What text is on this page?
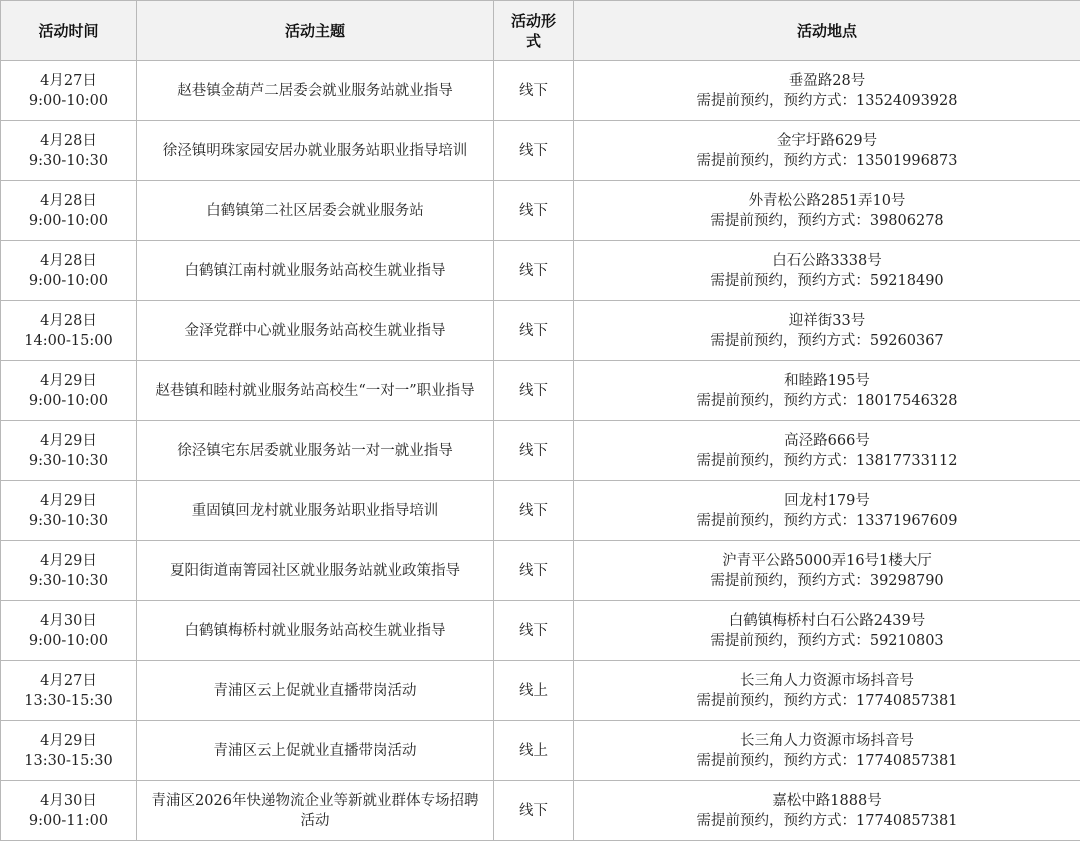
活动时间	活动主题	活动形式	活动地点

4月27日
9:00-10:00	赵巷镇金葫芦二居委会就业服务站就业指导	线下	垂盈路28号
需提前预约，预约方式：13524093928

4月28日
9:30-10:30	徐泾镇明珠家园安居办就业服务站职业指导培训	线下	金宇圩路629号
需提前预约，预约方式：13501996873

4月28日
9:00-10:00	白鹤镇第二社区居委会就业服务站	线下	外青松公路2851弄10号
需提前预约，预约方式：39806278

4月28日
9:00-10:00	白鹤镇江南村就业服务站高校生就业指导	线下	白石公路3338号
需提前预约，预约方式：59218490

4月28日
14:00-15:00	金泽党群中心就业服务站高校生就业指导	线下	迎祥街33号
需提前预约，预约方式：59260367

4月29日
9:00-10:00	赵巷镇和睦村就业服务站高校生“一对一”职业指导	线下	和睦路195号
需提前预约，预约方式：18017546328

4月29日
9:30-10:30	徐泾镇宅东居委就业服务站一对一就业指导	线下	高泾路666号
需提前预约，预约方式：13817733112

4月29日
9:30-10:30	重固镇回龙村就业服务站职业指导培训	线下	回龙村179号
需提前预约，预约方式：13371967609

4月29日
9:30-10:30	夏阳街道南箐园社区就业服务站就业政策指导	线下	沪青平公路5000弄16号1楼大厅
需提前预约，预约方式：39298790

4月30日
9:00-10:00	白鹤镇梅桥村就业服务站高校生就业指导	线下	白鹤镇梅桥村白石公路2439号
需提前预约，预约方式：59210803

4月27日
13:30-15:30	青浦区云上促就业直播带岗活动	线上	长三角人力资源市场抖音号
需提前预约，预约方式：17740857381

4月29日
13:30-15:30	青浦区云上促就业直播带岗活动	线上	长三角人力资源市场抖音号
需提前预约，预约方式：17740857381

4月30日
9:00-11:00	青浦区2026年快递物流企业等新就业群体专场招聘活动	线下	嘉松中路1888号
需提前预约，预约方式：17740857381
